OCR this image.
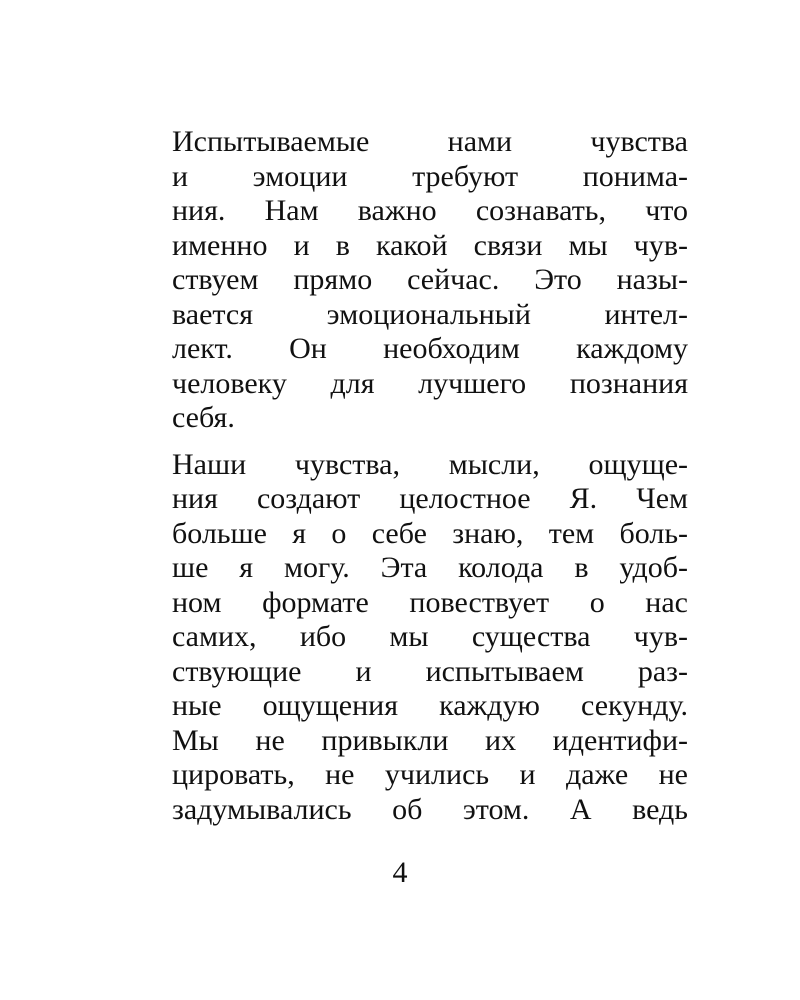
Испытываемые нами чувства
и эмоции требуют понима-
ния. Нам важно сознавать, что
именно и в какой связи мы чув-
ствуем прямо сейчас. Это назы-
вается эмоциональный интел-
лект. Он необходим каждому
человеку для лучшего познания
себя.

Наши чувства, мысли, ощуще-
ния создают целостное Я. Чем
больше я о себе знаю, тем боль-
ше я могу. Эта колода в удоб-
ном формате повествует о нас
самих, ибо мы существа чув-
ствующие и испытываем раз-
ные ощущения каждую секунду.
Мы не привыкли их идентифи-
цировать, не учились и даже не
задумывались об этом. А ведь

4
